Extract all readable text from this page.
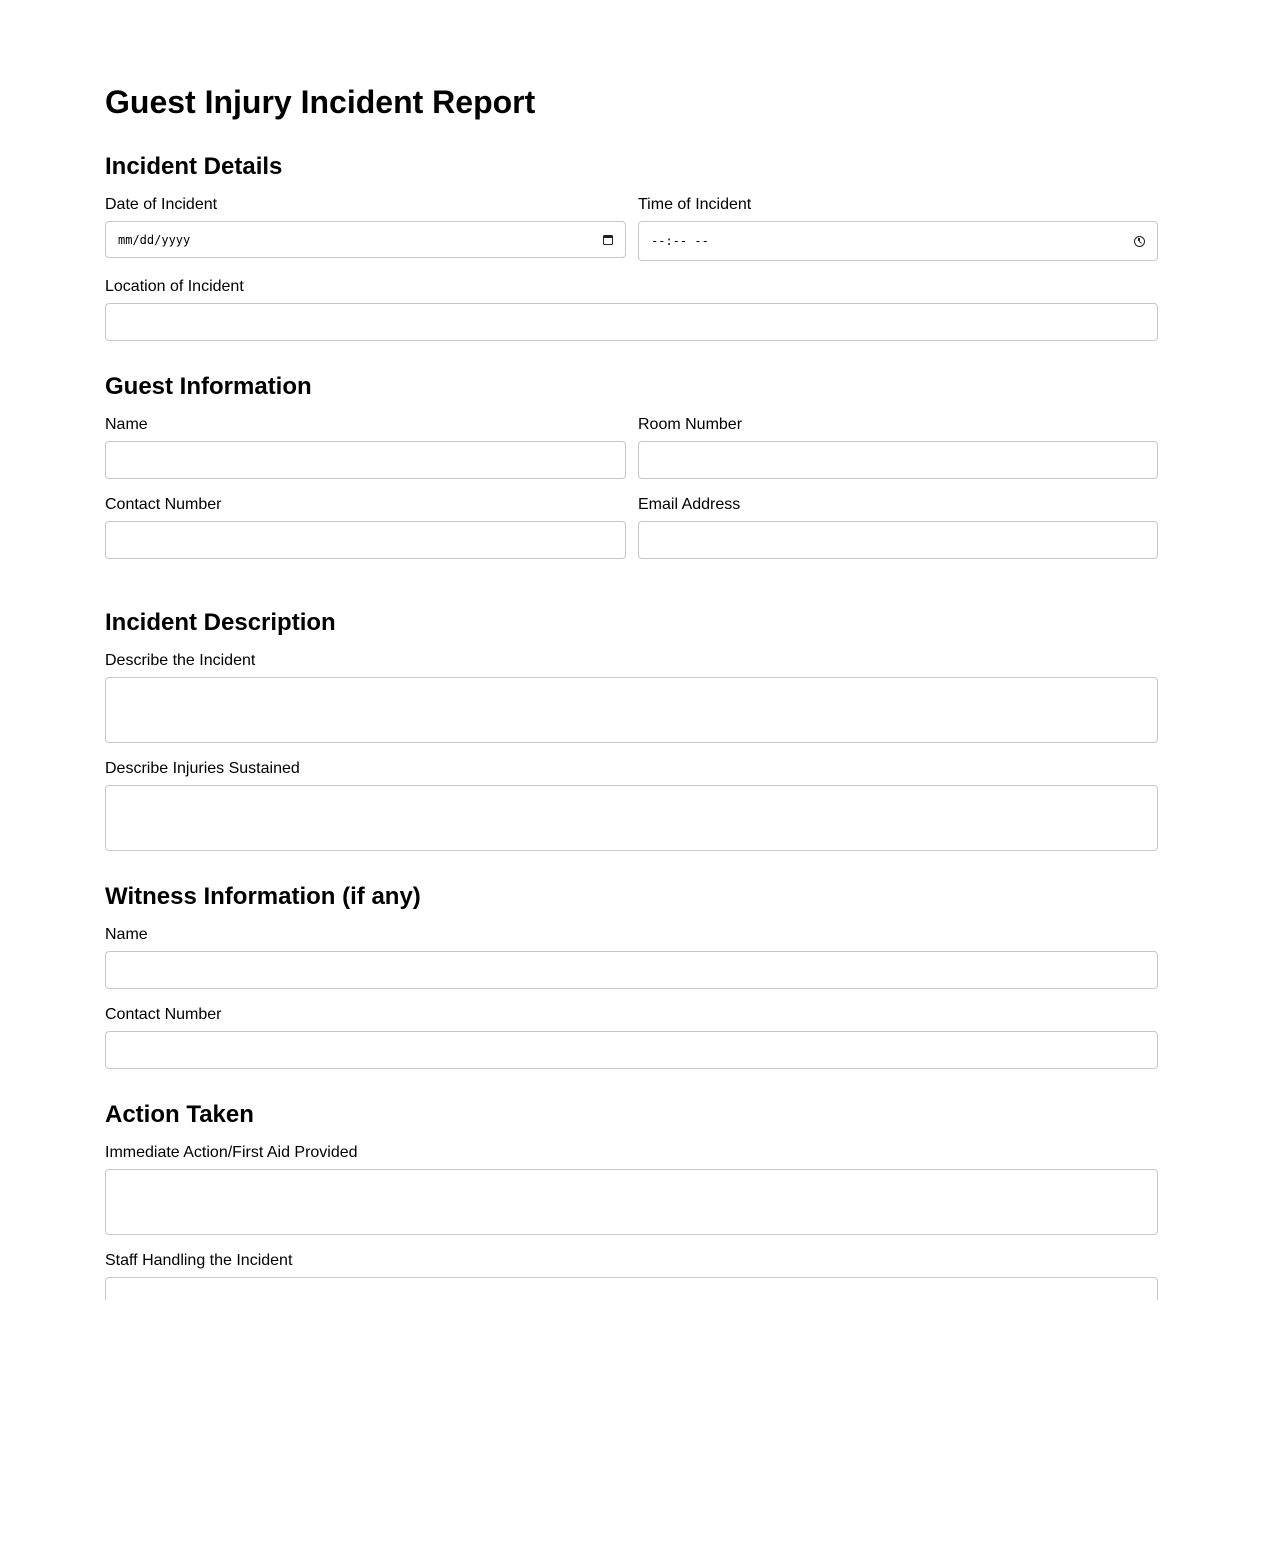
Guest Injury Incident Report
Incident Details
Date of Incident
mm/dd/yyyy
Time of Incident
--:-- --
Location of Incident
Guest Information
Name	Room Number
Contact Number	Email Address
Incident Description
Describe the Incident
Describe Injuries Sustained
Witness Information (if any)
Name
Contact Number
Action Taken
Immediate Action/First Aid Provided
Staff Handling the Incident
